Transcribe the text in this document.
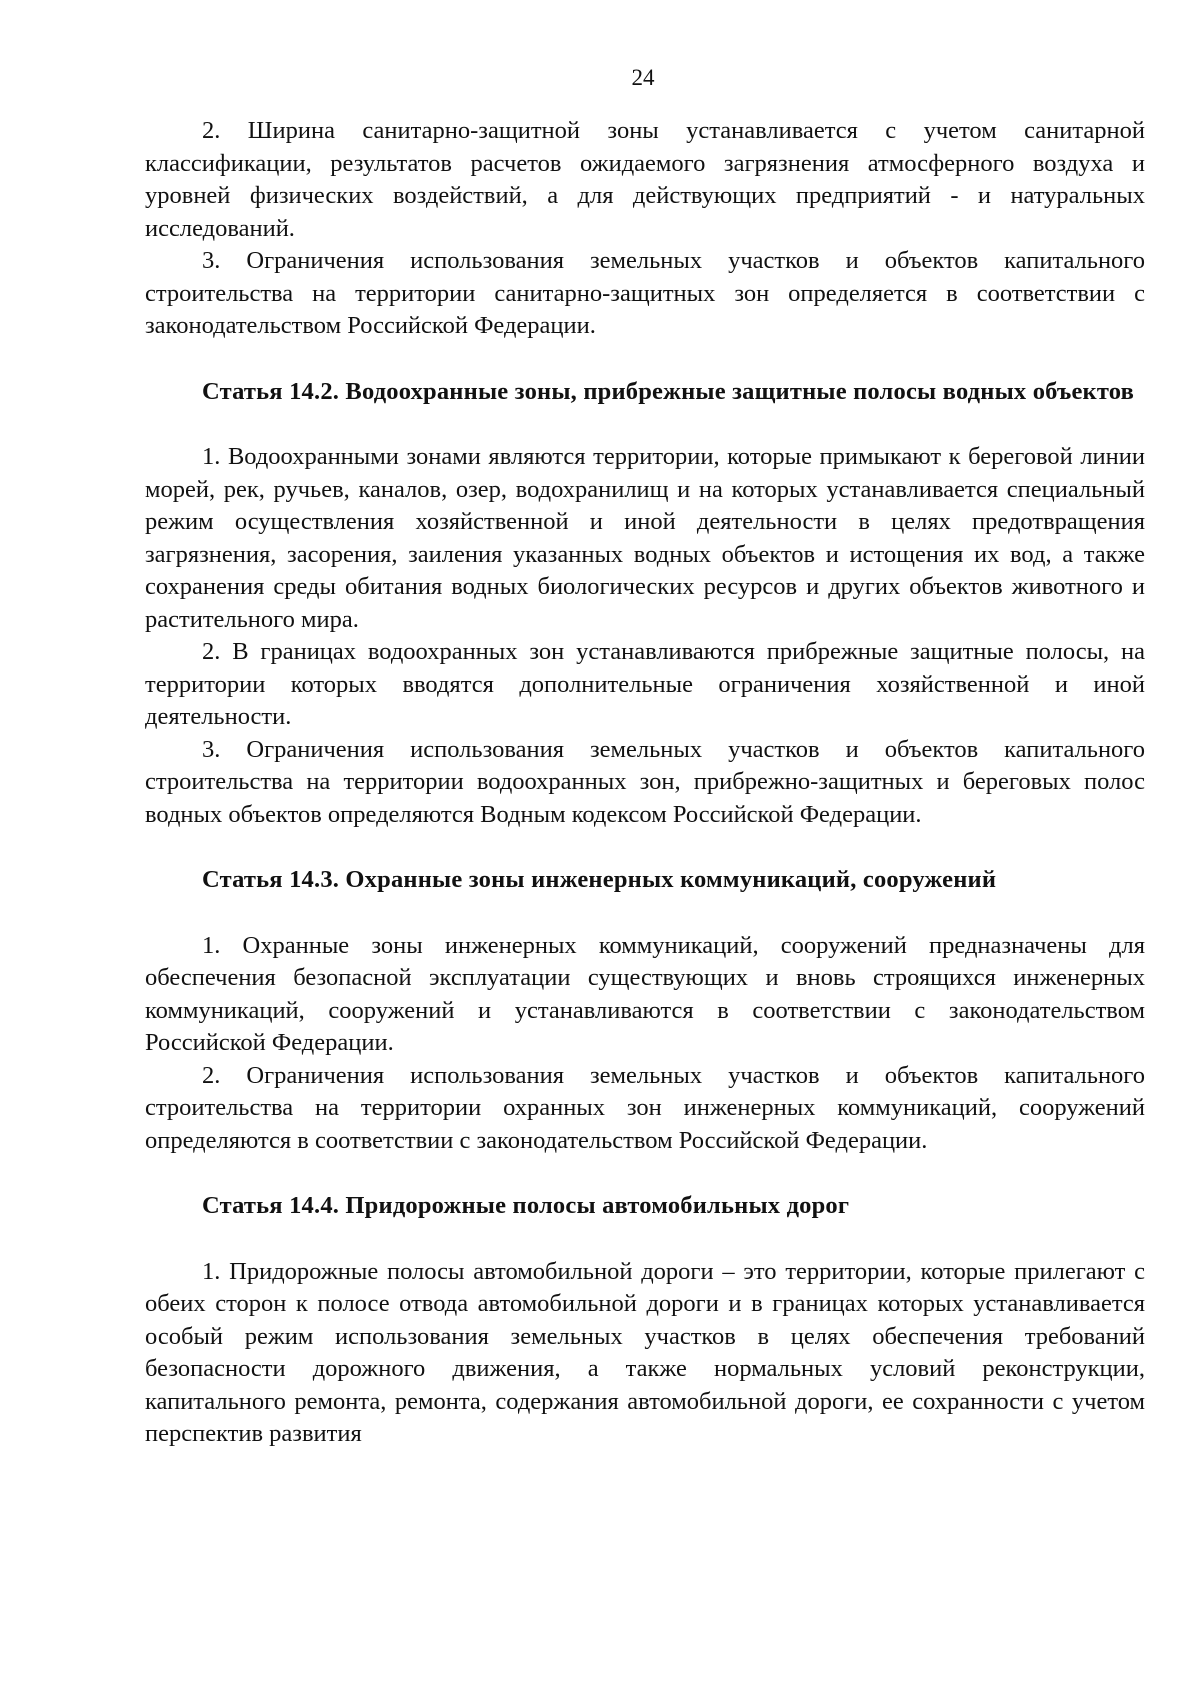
24

2. Ширина санитарно-защитной зоны устанавливается с учетом санитарной классификации, результатов расчетов ожидаемого загрязнения атмосферного воздуха и уровней физических воздействий, а для действующих предприятий - и натуральных исследований.

3. Ограничения использования земельных участков и объектов капитального строительства на территории санитарно-защитных зон определяется в соответствии с законодательством Российской Федерации.

Статья 14.2. Водоохранные зоны, прибрежные защитные полосы водных объектов

1. Водоохранными зонами являются территории, которые примыкают к береговой линии морей, рек, ручьев, каналов, озер, водохранилищ и на которых устанавливается специальный режим осуществления хозяйственной и иной деятельности в целях предотвращения загрязнения, засорения, заиления указанных водных объектов и истощения их вод, а также сохранения среды обитания водных биологических ресурсов и других объектов животного и растительного мира.

2. В границах водоохранных зон устанавливаются прибрежные защитные полосы, на территории которых вводятся дополнительные ограничения хозяйственной и иной деятельности.

3. Ограничения использования земельных участков и объектов капитального строительства на территории водоохранных зон, прибрежно-защитных и береговых полос водных объектов определяются Водным кодексом Российской Федерации.

Статья 14.3. Охранные зоны инженерных коммуникаций, сооружений

1. Охранные зоны инженерных коммуникаций, сооружений предназначены для обеспечения безопасной эксплуатации существующих и вновь строящихся инженерных коммуникаций, сооружений и устанавливаются в соответствии с законодательством Российской Федерации.

2. Ограничения использования земельных участков и объектов капитального строительства на территории охранных зон инженерных коммуникаций, сооружений определяются в соответствии с законодательством Российской Федерации.

Статья 14.4. Придорожные полосы автомобильных дорог

1. Придорожные полосы автомобильной дороги – это территории, которые прилегают с обеих сторон к полосе отвода автомобильной дороги и в границах которых устанавливается особый режим использования земельных участков в целях обеспечения требований безопасности дорожного движения, а также нормальных условий реконструкции, капитального ремонта, ремонта, содержания автомобильной дороги, ее сохранности с учетом перспектив развития
